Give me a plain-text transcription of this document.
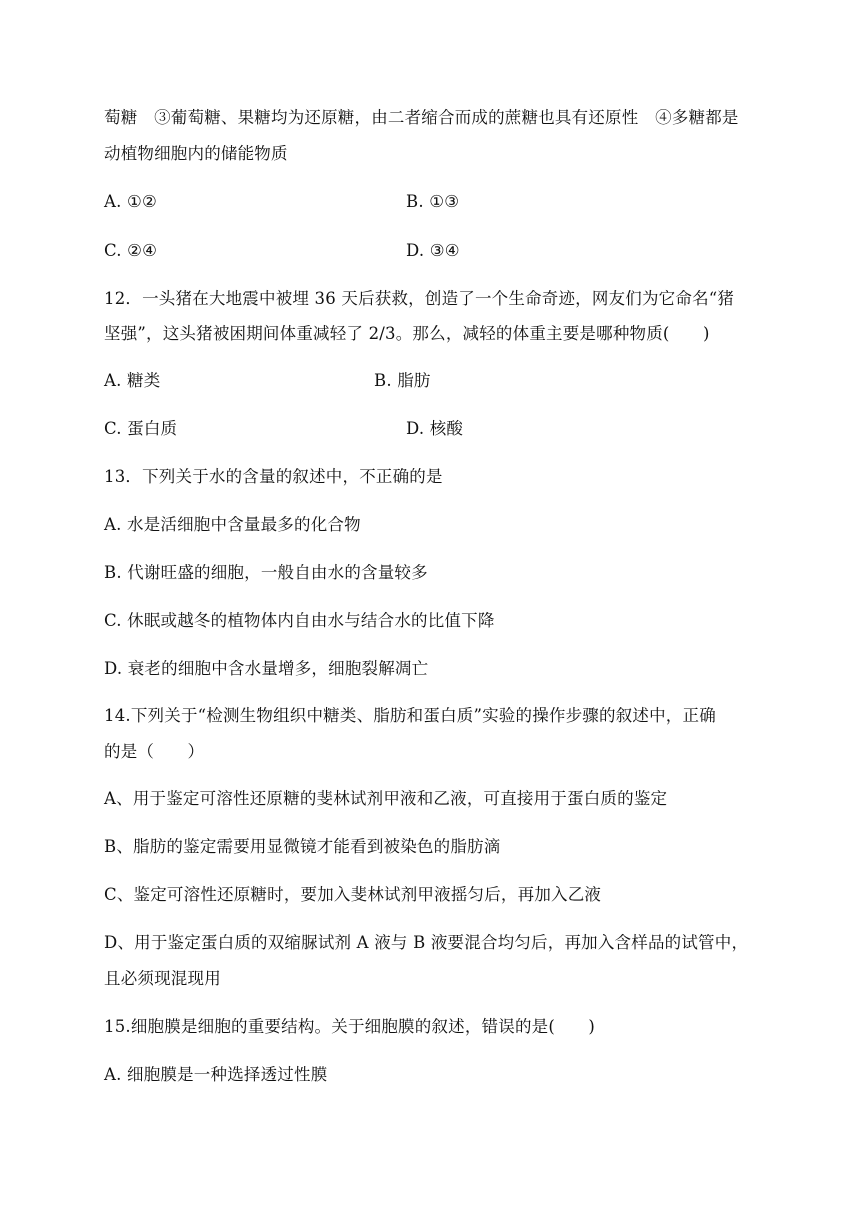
萄糖　③葡萄糖、果糖均为还原糖，由二者缩合而成的蔗糖也具有还原性　④多糖都是
动植物细胞内的储能物质
A. ①②	B. ①③
C. ②④	D. ③④
12．一头猪在大地震中被埋 36 天后获救，创造了一个生命奇迹，网友们为它命名“猪
坚强”，这头猪被困期间体重减轻了 2/3。那么，减轻的体重主要是哪种物质(　　)
A. 糖类	B. 脂肪
C. 蛋白质	D. 核酸
13．下列关于水的含量的叙述中，不正确的是
A. 水是活细胞中含量最多的化合物
B. 代谢旺盛的细胞，一般自由水的含量较多
C. 休眠或越冬的植物体内自由水与结合水的比值下降
D. 衰老的细胞中含水量增多，细胞裂解凋亡
14.下列关于“检测生物组织中糖类、脂肪和蛋白质”实验的操作步骤的叙述中，正确
的是（　　）
A、用于鉴定可溶性还原糖的斐林试剂甲液和乙液，可直接用于蛋白质的鉴定
B、脂肪的鉴定需要用显微镜才能看到被染色的脂肪滴
C、鉴定可溶性还原糖时，要加入斐林试剂甲液摇匀后，再加入乙液
D、用于鉴定蛋白质的双缩脲试剂 A 液与 B 液要混合均匀后，再加入含样品的试管中，
且必须现混现用
15.细胞膜是细胞的重要结构。关于细胞膜的叙述，错误的是(　　)
A. 细胞膜是一种选择透过性膜
